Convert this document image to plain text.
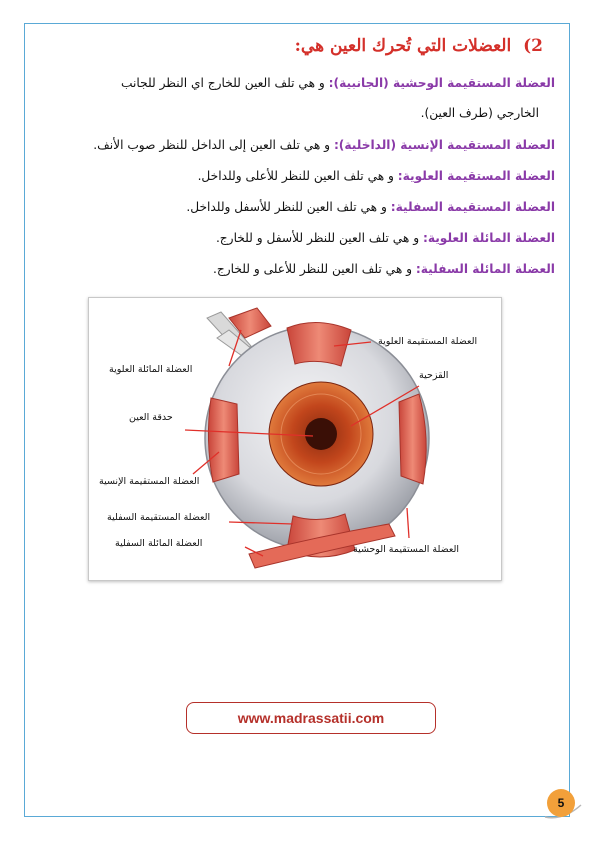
2) العضلات التي تُحرك العين هي:
العضلة المستقيمة الوحشية (الجانبية): و هي تلف العين للخارج اي النظر للجانب
الخارجي (طرف العين).
العضلة المستقيمة الإنسية (الداخلية): و هي تلف العين إلى الداخل للنظر صوب الأنف.
العضلة المستقيمة العلوية: و هي تلف العين للنظر للأعلى وللداخل.
العضلة المستقيمة السفلية: و هي تلف العين للنظر للأسفل وللداخل.
العضلة المائلة العلوية: و هي تلف العين للنظر للأسفل و للخارج.
العضلة المائلة السفلية: و هي تلف العين للنظر للأعلى و للخارج.
العضلة المستقيمة العلوية
العضلة المائلة العلوية
القزحية
حدقة العين
العضلة المستقيمة الإنسية
العضلة المستقيمة السفلية
العضلة المائلة السفلية
العضلة المستقيمة الوحشية
www.madrassatii.com
5
